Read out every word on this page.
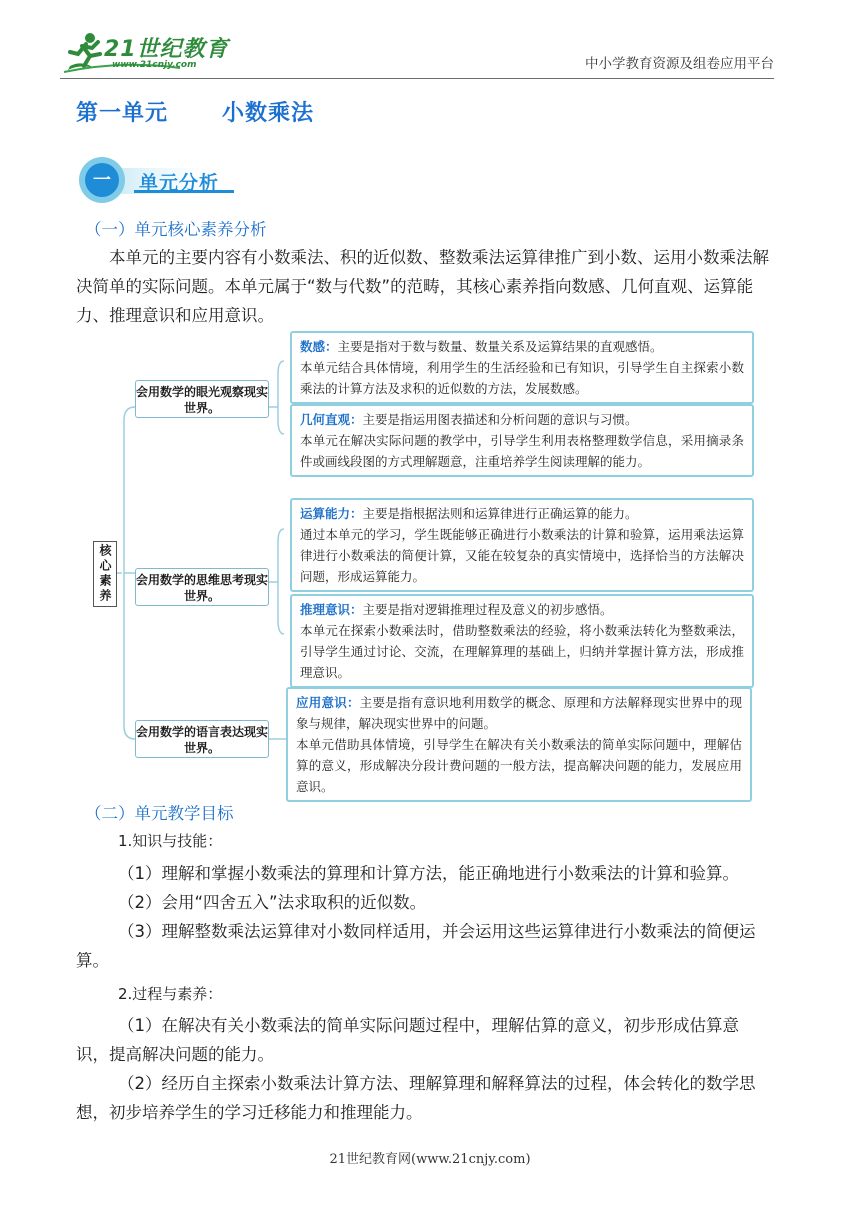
21世纪教育
www.21cnjy.com	中小学教育资源及组卷应用平台
第一单元 小数乘法
一 单元分析
（一）单元核心素养分析

本单元的主要内容有小数乘法、积的近似数、整数乘法运算律推广到小数、运用小数乘法解决简单的实际问题。本单元属于“数与代数”的范畴，其核心素养指向数感、几何直观、运算能力、推理意识和应用意识。

核心素养
会用数学的眼光观察现实世界。
会用数学的思维思考现实世界。
会用数学的语言表达现实世界。
数感：主要是指对于数与数量、数量关系及运算结果的直观感悟。
本单元结合具体情境，利用学生的生活经验和已有知识，引导学生自主探索小数乘法的计算方法及求积的近似数的方法，发展数感。
几何直观：主要是指运用图表描述和分析问题的意识与习惯。
本单元在解决实际问题的教学中，引导学生利用表格整理数学信息，采用摘录条件或画线段图的方式理解题意，注重培养学生阅读理解的能力。
运算能力：主要是指根据法则和运算律进行正确运算的能力。
通过本单元的学习，学生既能够正确进行小数乘法的计算和验算，运用乘法运算律进行小数乘法的简便计算，又能在较复杂的真实情境中，选择恰当的方法解决问题，形成运算能力。
推理意识：主要是指对逻辑推理过程及意义的初步感悟。
本单元在探索小数乘法时，借助整数乘法的经验，将小数乘法转化为整数乘法，引导学生通过讨论、交流，在理解算理的基础上，归纳并掌握计算方法，形成推理意识。
应用意识：主要是指有意识地利用数学的概念、原理和方法解释现实世界中的现象与规律，解决现实世界中的问题。
本单元借助具体情境，引导学生在解决有关小数乘法的简单实际问题中，理解估算的意义，形成解决分段计费问题的一般方法，提高解决问题的能力，发展应用意识。
（二）单元教学目标
1.知识与技能：

（1）理解和掌握小数乘法的算理和计算方法，能正确地进行小数乘法的计算和验算。

（2）会用“四舍五入”法求取积的近似数。

（3）理解整数乘法运算律对小数同样适用，并会运用这些运算律进行小数乘法的简便运算。

2.过程与素养：

（1）在解决有关小数乘法的简单实际问题过程中，理解估算的意义，初步形成估算意识，提高解决问题的能力。

（2）经历自主探索小数乘法计算方法、理解算理和解释算法的过程，体会转化的数学思想，初步培养学生的学习迁移能力和推理能力。

21世纪教育网(www.21cnjy.com)
